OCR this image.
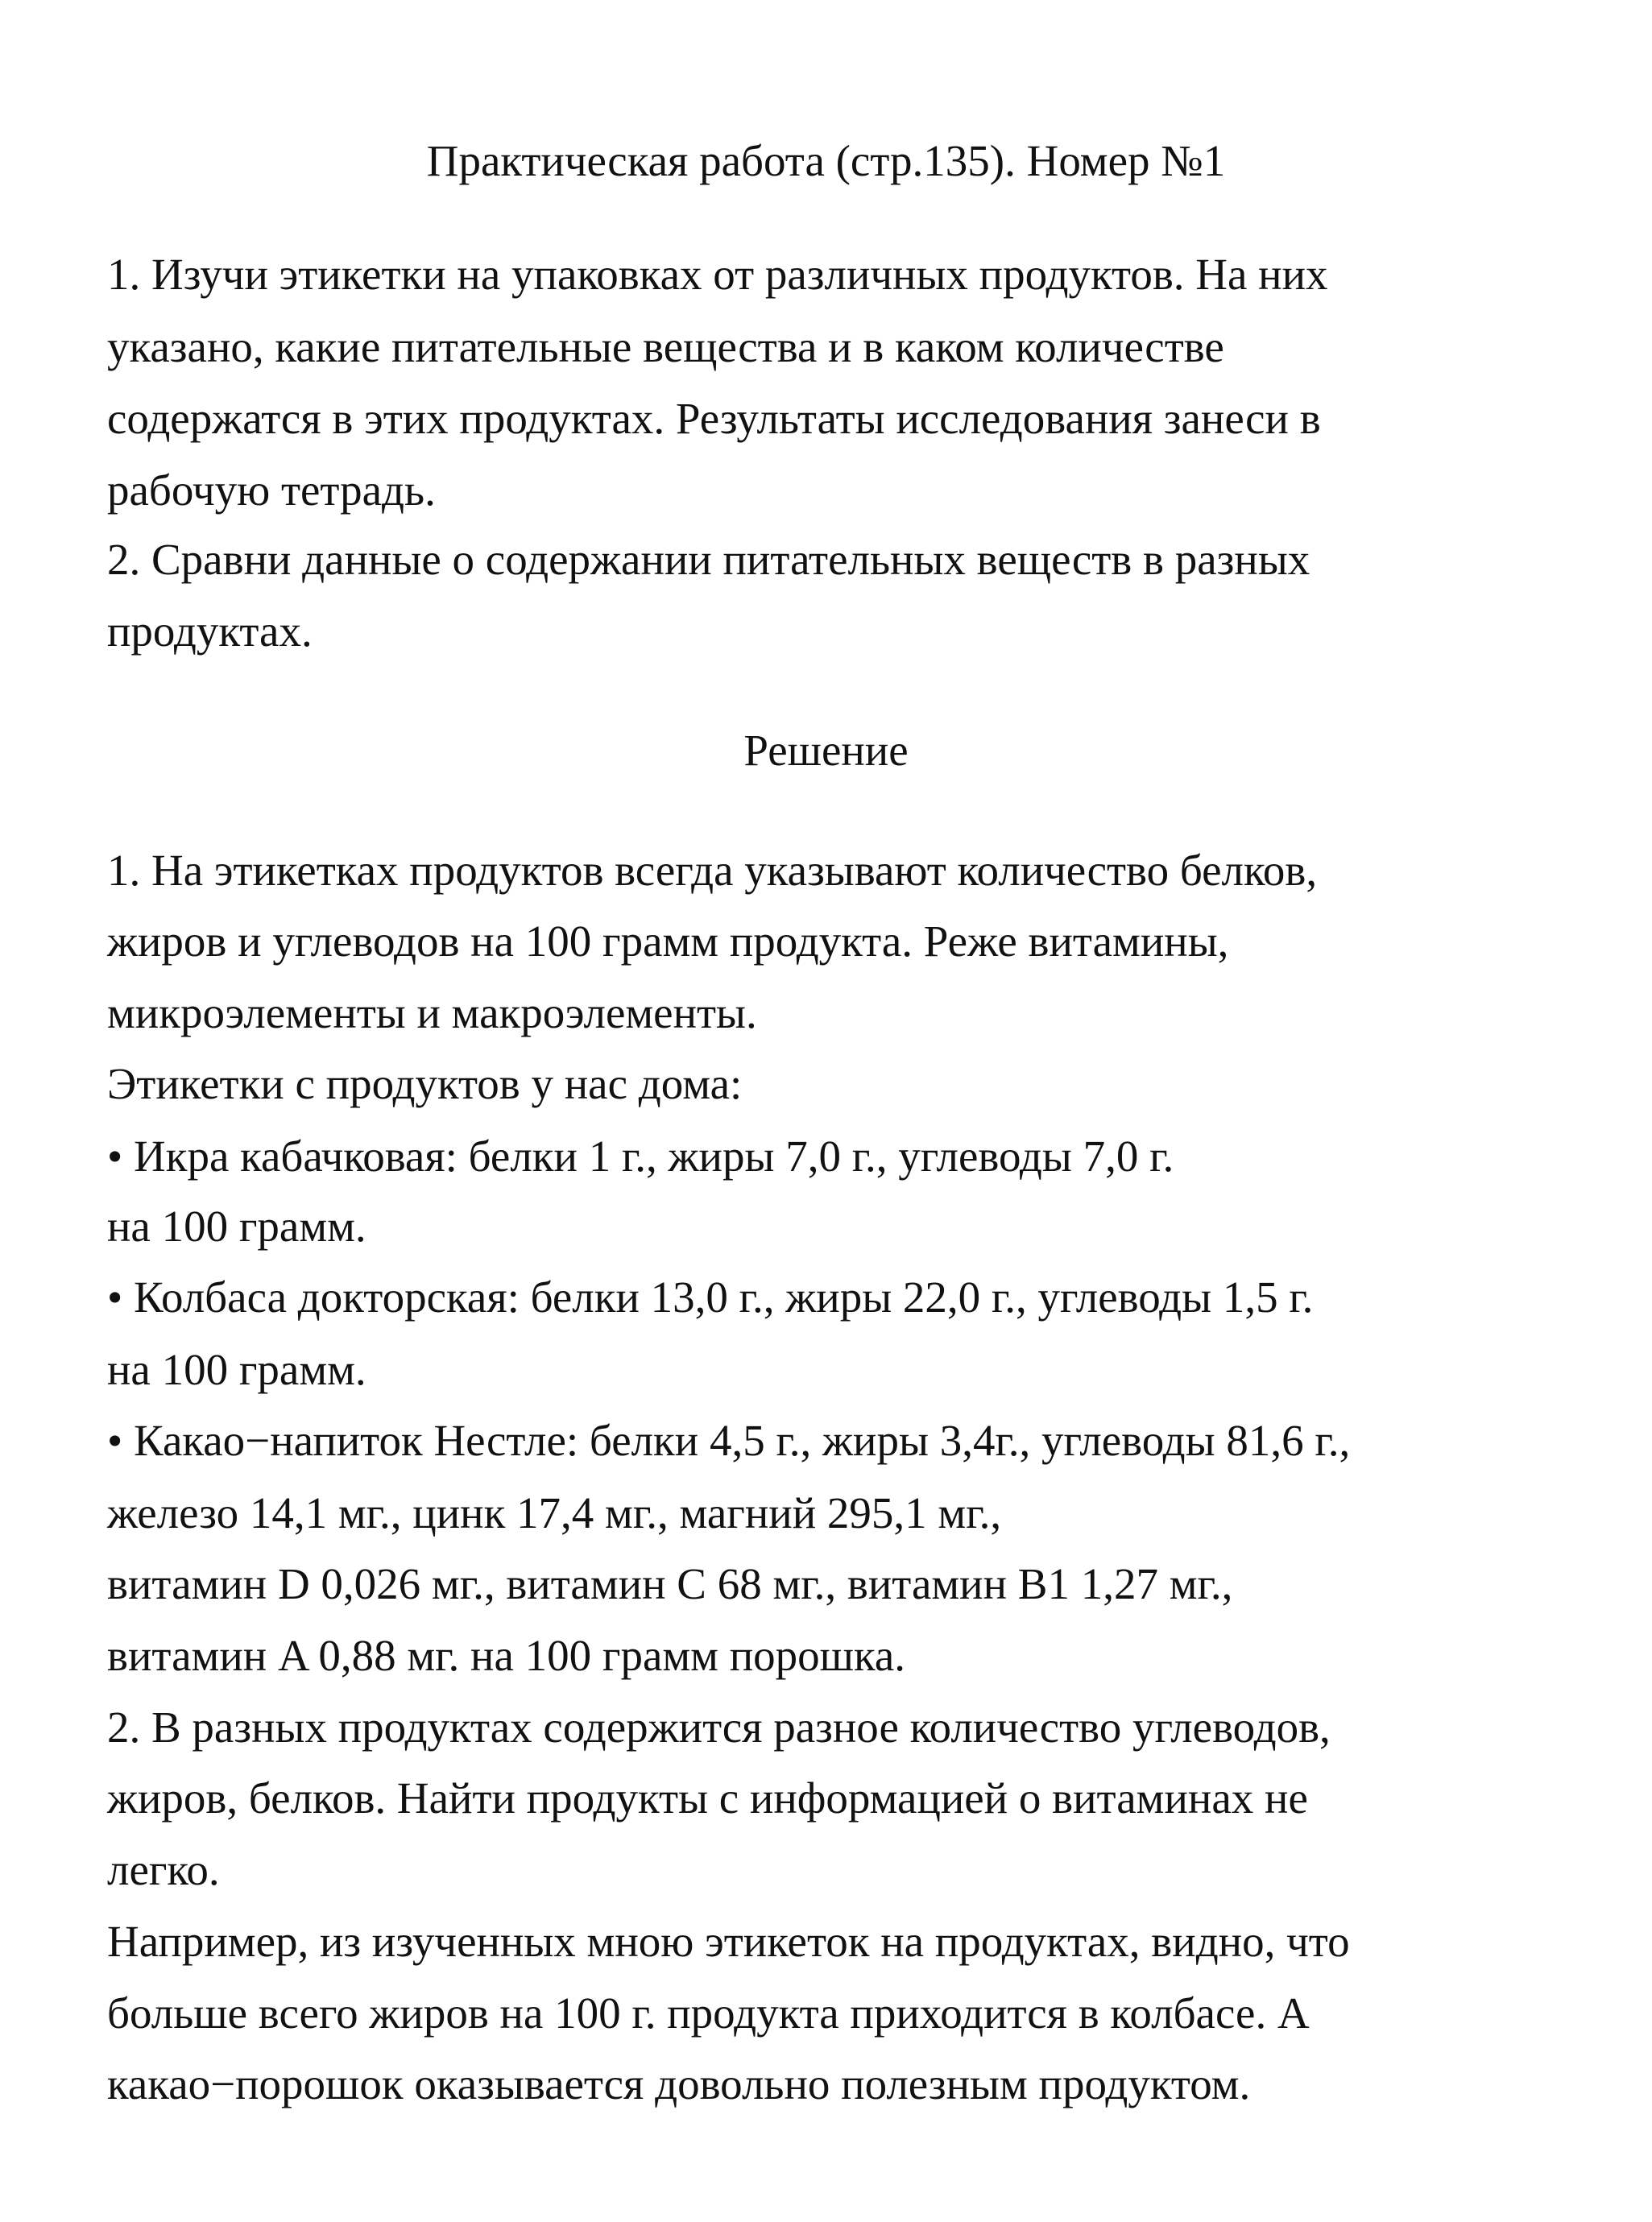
Практическая работа (стр.135). Номер №1
1. Изучи этикетки на упаковках от различных продуктов. На них
указано, какие питательные вещества и в каком количестве
содержатся в этих продуктах. Результаты исследования занеси в
рабочую тетрадь.
2. Сравни данные о содержании питательных веществ в разных
продуктах.
Решение
1. На этикетках продуктов всегда указывают количество белков,
жиров и углеводов на 100 грамм продукта. Реже витамины,
микроэлементы и макроэлементы.
Этикетки с продуктов у нас дома:
• Икра кабачковая: белки 1 г., жиры 7,0 г., углеводы 7,0 г.
на 100 грамм.
• Колбаса докторская: белки 13,0 г., жиры 22,0 г., углеводы 1,5 г.
на 100 грамм.
• Какао−напиток Нестле: белки 4,5 г., жиры 3,4г., углеводы 81,6 г.,
железо 14,1 мг., цинк 17,4 мг., магний 295,1 мг.,
витамин D 0,026 мг., витамин C 68 мг., витамин B1 1,27 мг.,
витамин A 0,88 мг. на 100 грамм порошка.
2. В разных продуктах содержится разное количество углеводов,
жиров, белков. Найти продукты с информацией о витаминах не
легко.
Например, из изученных мною этикеток на продуктах, видно, что
больше всего жиров на 100 г. продукта приходится в колбасе. А
какао−порошок оказывается довольно полезным продуктом.
